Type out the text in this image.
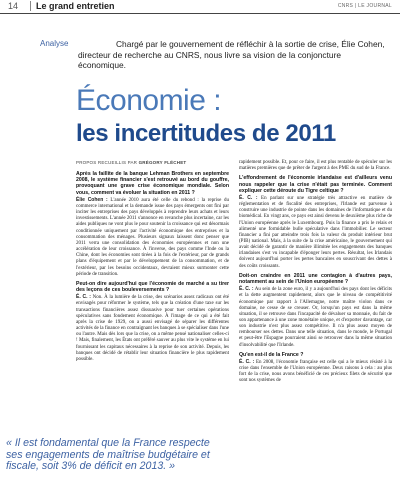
14	Le grand entretien	CNRS | LE JOURNAL
Analyse	Chargé par le gouvernement de réfléchir à la sortie de crise, Élie Cohen, directeur de recherche au CNRS, nous livre sa vision de la conjoncture économique.
Économie :
les incertitudes de 2011
PROPOS RECUEILLIS PAR GRÉGORY FLÉCHET
Après la faillite de la banque Lehman Brothers en septembre 2008, le système financier s'est retrouvé au bord du gouffre, provoquant une grave crise économique mondiale. Selon vous, comment va évoluer la situation en 2011 ?

Élie Cohen : L'année 2010 aura été celle du rebond : la reprise du commerce international et la demande issue des pays émergents ont fini par inciter les entreprises des pays développés à reprendre leurs achats et leurs investissements. L'année 2011 s'annonce en revanche plus incertaine, car les aides publiques ne vont plus le pour soutenir la croissance qui est désormais conditionnée uniquement par l'activité économique des entreprises et la consommation des ménages. Plusieurs signaux laissent donc penser que 2011 verra une consolidation des économies européennes et non une accélération de leur croissance. À l'inverse, des pays comme l'Inde ou la Chine, dont les économies sont tirées à la fois de l'extérieur, par de grands plans d'équipement et par le développement de la consommation, et de l'extérieur, par les besoins occidentaux, devraient mieux surmonter cette période de transition.

Peut-on dire aujourd'hui que l'économie de marché a su tirer des leçons de ces bouleversements ?

É. C. : Non. À la lumière de la crise, des scénarios assez radicaux ont été envisagés pour réformer le système, tels que la création d'une taxe sur les transactions financières assez dissuasive pour tuer certaines opérations spéculatives sans fondement économique. À l'image de ce qui a été fait après la crise de 1929, on a aussi envisagé de séparer les différentes activités de la finance en contraignant les banques à se spécialiser dans l'une ou l'autre. Mais dès lors que la crise, on a même pensé nationaliser celles-ci ! Mais, finalement, les États ont préféré sauver au plus vite le système en lui fournissant les capitaux nécessaires à la reprise de son activité. Depuis, les banques ont décidé de rétablir leur situation financière le plus rapidement possible.

rapidement possible. Et, pour ce faire, il est plus rentable de spéculer sur les matières premières que de prêter de l'argent à des PME du sud de la France.

L'effondrement de l'économie irlandaise est d'ailleurs venu nous rappeler que la crise n'était pas terminée. Comment expliquer cette déroute du Tigre celtique ?

É. C. : En parlant sur une stratégie très attractive en matière de réglementation et de fiscalité des entreprises, l'Irlande est parvenue à construire une industrie de pointe dans les domaines de l'informatique et du biomédical. En vingt ans, ce pays est ainsi devenu le deuxième plus riche de l'Union européenne après le Luxembourg. Puis la finance a pris le relais et alimenté une formidable bulle spéculative dans l'immobilier. Le secteur financier a fini par atteindre trois fois la valeur du produit intérieur brut (PIB) national. Mais, à la suite de la crise américaine, le gouvernement qui avait décidé de garantir de manière illimitée les engagements des banques irlandaises s'est vu incapable d'éponger leurs pertes. Résultat, les Irlandais doivent aujourd'hui porter les pertes bancaires en souscrivant des dettes à des coûts croissants.

Doit-on craindre en 2011 une contagion à d'autres pays, notamment au sein de l'Union européenne ?

É. C. : Au sein de la zone euro, il y a aujourd'hui des pays dont les déficits et la dette augmentent rapidement, alors que le niveau de compétitivité économique par rapport à l'Allemagne, notre maître violon dans ce domaine, ne cesse de se creuser. Or, lorsqu'un pays est dans la même situation, il se retrouve dans l'incapacité de dévaluer sa monnaie, du fait de son appartenance à une zone monétaire unique, et d'exporter davantage, car son industrie n'est plus assez compétitive. Il n'a plus assez moyen de rembourser ses dettes. Dans une telle situation, dans le monde, le Portugal et peut-être l'Espagne pourraient ainsi se retrouver dans la même situation d'insolvabilité que l'Irlande.

Qu'en est-il de la France ?

É. C. : En 2008, l'économie française est celle qui a le mieux résisté à la crise dans l'ensemble de l'Union européenne. Deux raisons à cela : au plus fort de la crise, nous avons bénéficié de ces précieux filets de sécurité que sont nos systèmes de

« Il est fondamental que la France respecte ses engagements de maîtrise budgétaire et fiscale, soit 3% de déficit en 2013. »
